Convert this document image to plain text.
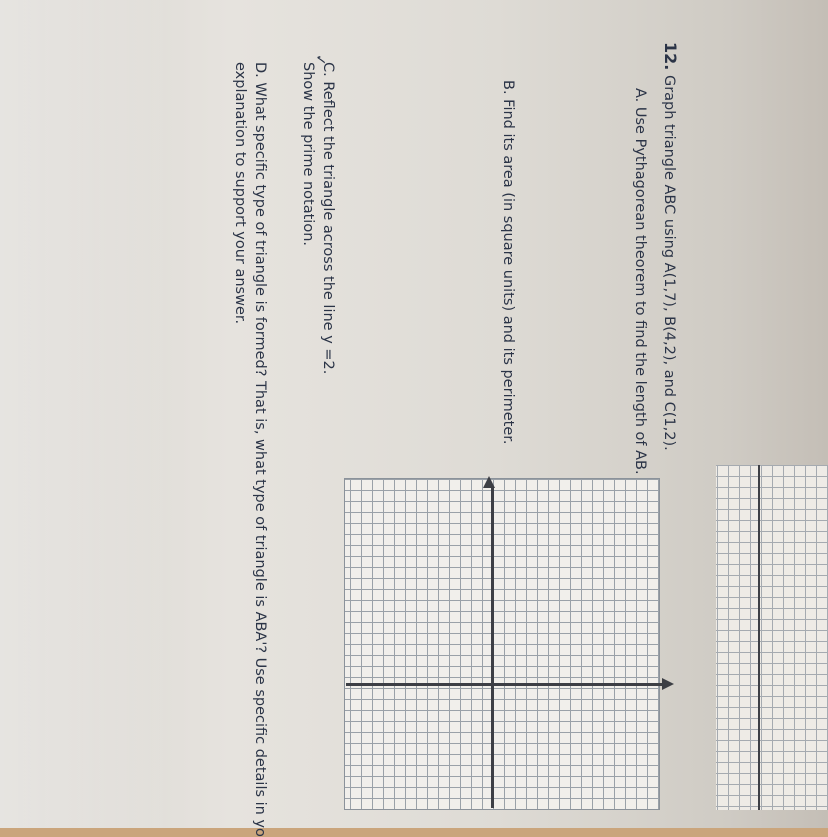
12. Graph triangle ABC using A(1,7), B(4,2), and C(1,2).
A. Use Pythagorean theorem to find the length of AB.
B. Find its area (in square units) and its perimeter.
C. Reflect the triangle across the line y =2.
Show the prime notation.
D. What specific type of triangle is formed? That is, what type of triangle is ABA'? Use specific details in yo
explanation to support your answer.
✓
